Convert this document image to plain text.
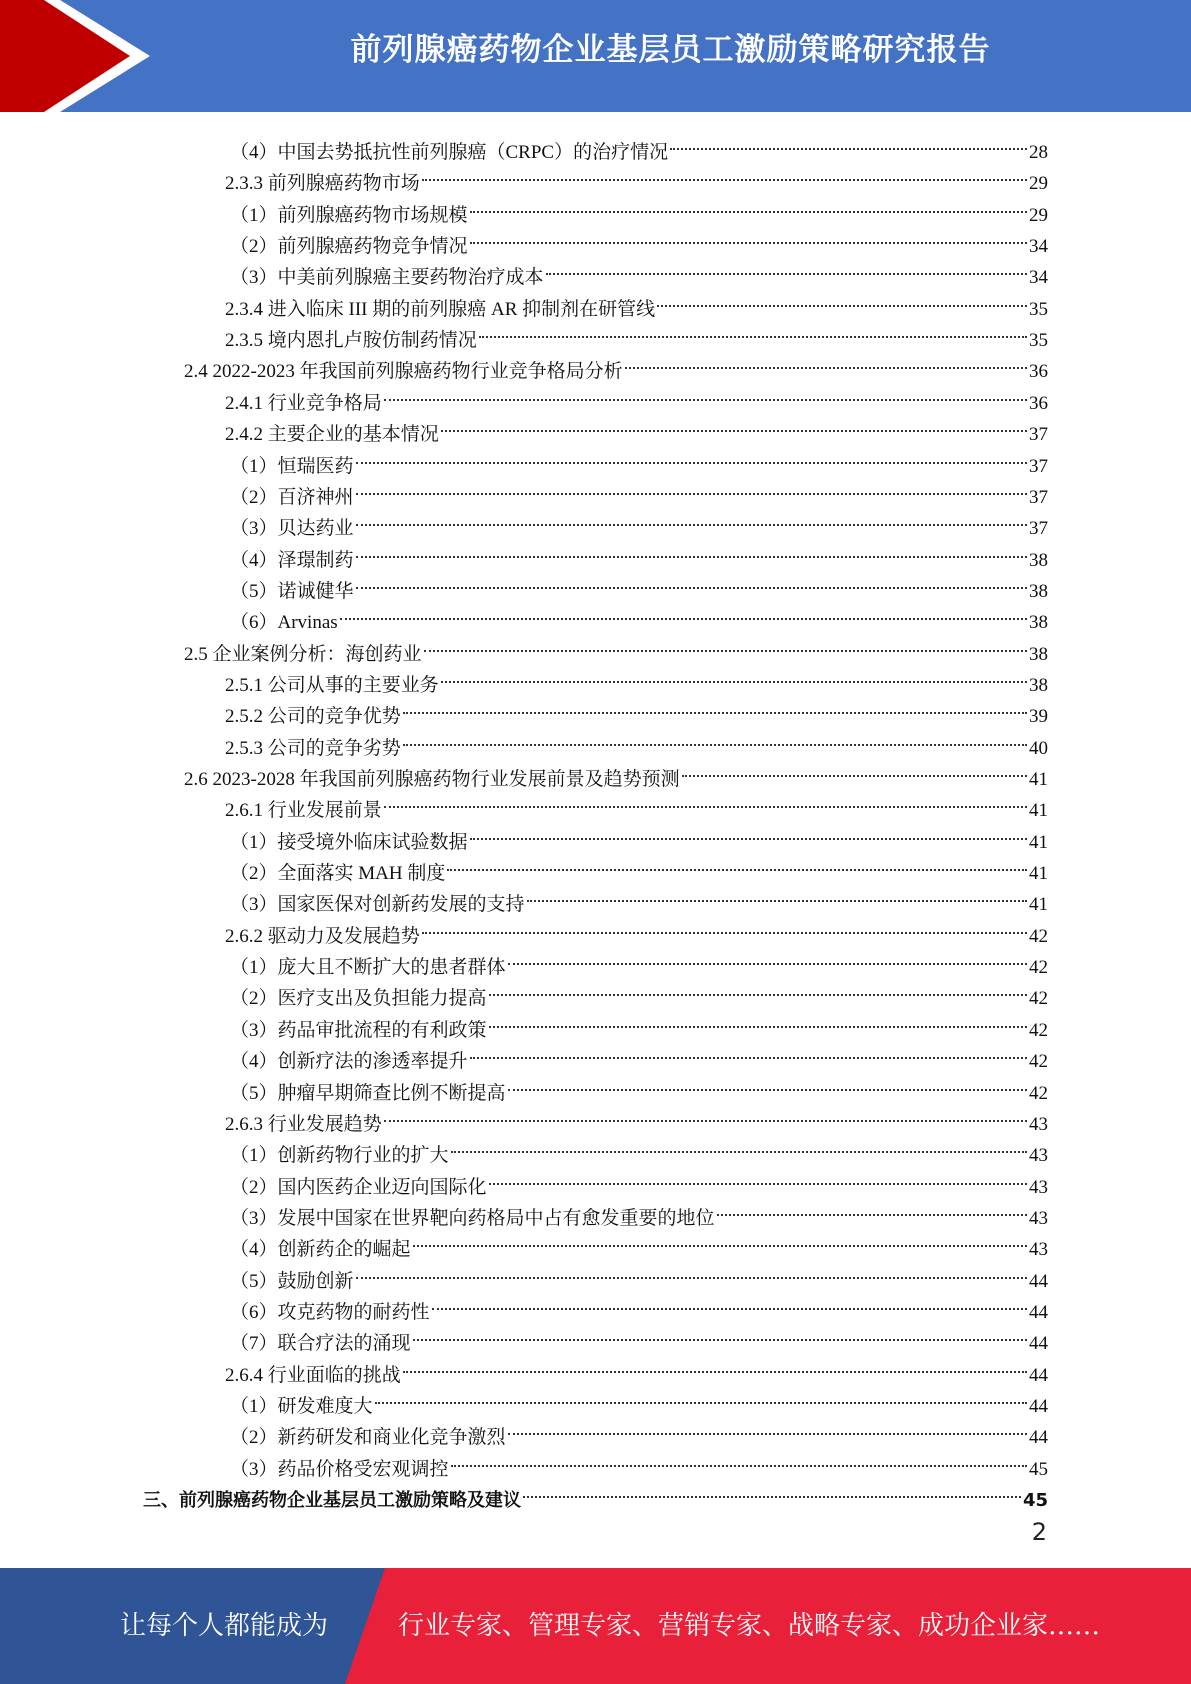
前列腺癌药物企业基层员工激励策略研究报告
（4）中国去势抵抗性前列腺癌（CRPC）的治疗情况	28
2.3.3 前列腺癌药物市场	29
（1）前列腺癌药物市场规模	29
（2）前列腺癌药物竞争情况	34
（3）中美前列腺癌主要药物治疗成本	34
2.3.4 进入临床 III 期的前列腺癌 AR 抑制剂在研管线	35
2.3.5 境内恩扎卢胺仿制药情况	35
2.4 2022-2023 年我国前列腺癌药物行业竞争格局分析	36
2.4.1 行业竞争格局	36
2.4.2 主要企业的基本情况	37
（1）恒瑞医药	37
（2）百济神州	37
（3）贝达药业	37
（4）泽璟制药	38
（5）诺诚健华	38
（6）Arvinas	38
2.5 企业案例分析：海创药业	38
2.5.1 公司从事的主要业务	38
2.5.2 公司的竞争优势	39
2.5.3 公司的竞争劣势	40
2.6 2023-2028 年我国前列腺癌药物行业发展前景及趋势预测	41
2.6.1 行业发展前景	41
（1）接受境外临床试验数据	41
（2）全面落实 MAH 制度	41
（3）国家医保对创新药发展的支持	41
2.6.2 驱动力及发展趋势	42
（1）庞大且不断扩大的患者群体	42
（2）医疗支出及负担能力提高	42
（3）药品审批流程的有利政策	42
（4）创新疗法的渗透率提升	42
（5）肿瘤早期筛查比例不断提高	42
2.6.3 行业发展趋势	43
（1）创新药物行业的扩大	43
（2）国内医药企业迈向国际化	43
（3）发展中国家在世界靶向药格局中占有愈发重要的地位	43
（4）创新药企的崛起	43
（5）鼓励创新	44
（6）攻克药物的耐药性	44
（7）联合疗法的涌现	44
2.6.4 行业面临的挑战	44
（1）研发难度大	44
（2）新药研发和商业化竞争激烈	44
（3）药品价格受宏观调控	45
三、前列腺癌药物企业基层员工激励策略及建议	45
2
让每个人都能成为	行业专家、管理专家、营销专家、战略专家、成功企业家……
